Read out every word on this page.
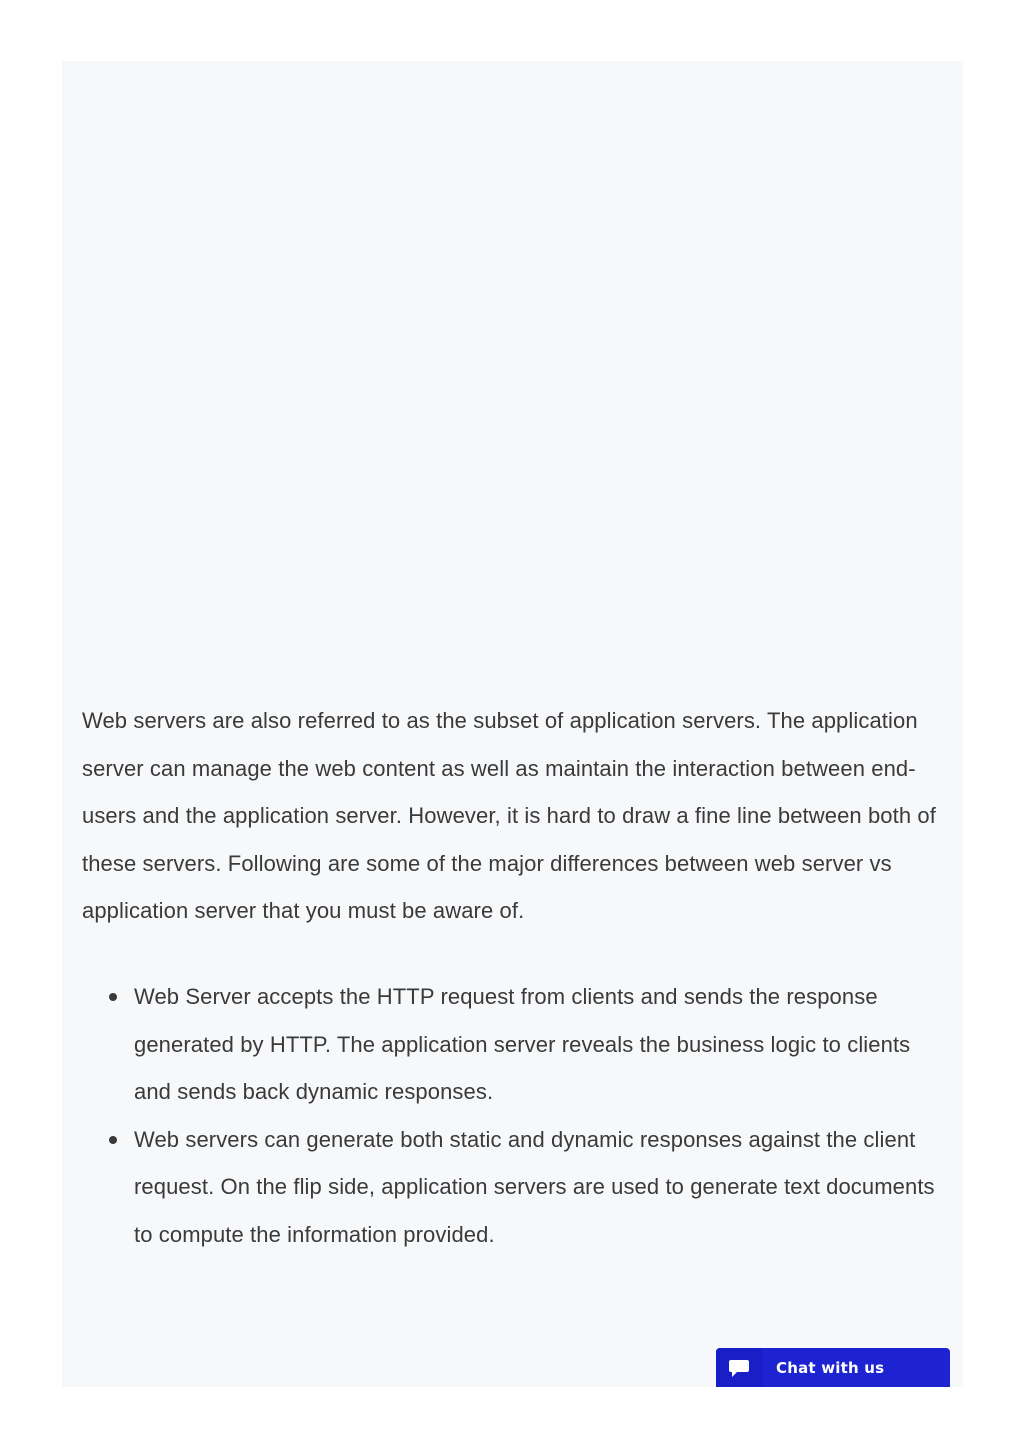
Web servers are also referred to as the subset of application servers. The application server can manage the web content as well as maintain the interaction between end-users and the application server. However, it is hard to draw a fine line between both of these servers. Following are some of the major differences between web server vs application server that you must be aware of.

Web Server accepts the HTTP request from clients and sends the response generated by HTTP. The application server reveals the business logic to clients and sends back dynamic responses.
Web servers can generate both static and dynamic responses against the client request. On the flip side, application servers are used to generate text documents to compute the information provided.
Chat with us
